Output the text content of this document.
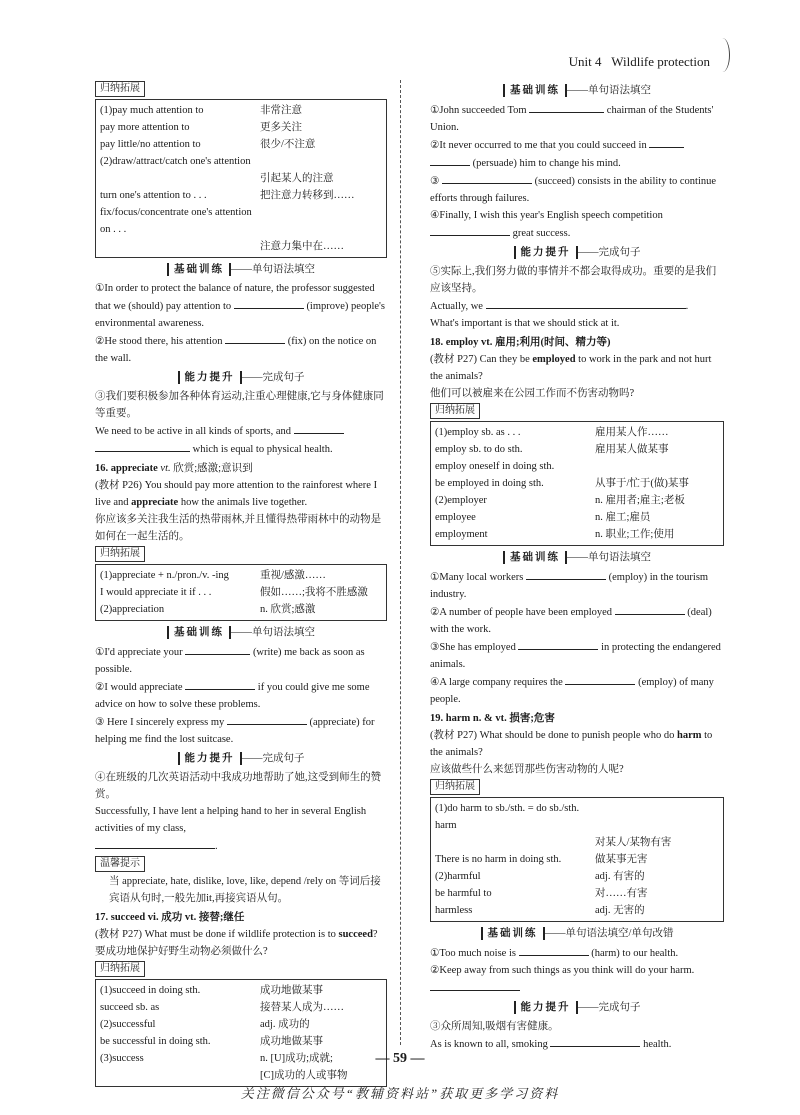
Unit 4 Wildlife protection
归纳拓展
(1)pay much attention to	非常注意
pay more attention to	更多关注
pay little/no attention to	很少/不注意
(2)draw/attract/catch one's attention
引起某人的注意
turn one's attention to . . .	把注意力转移到……
fix/focus/concentrate one's attention on . . .
注意力集中在……
基础训练 ——单句语法填空

①In order to protect the balance of nature, the professor suggested that we (should) pay attention to	(improve) people's environmental awareness.

②He stood there, his attention	(fix) on the notice on the wall.

能力提升 ——完成句子

③我们要积极参加各种体育运动,注重心理健康,它与身体健康同等重要。

We need to be active in all kinds of sports, and

which is equal to physical health.

16. appreciate vt. 欣赏;感激;意识到

(教材 P26) You should pay more attention to the rainforest where I live and appreciate how the animals live together.

你应该多关注我生活的热带雨林,并且懂得热带雨林中的动物是如何在一起生活的。

归纳拓展
(1)appreciate + n./pron./v. -ing	重视/感激……
I would appreciate it if . . .	假如……;我将不胜感激
(2)appreciation	n. 欣赏;感激
基础训练 ——单句语法填空

①I'd appreciate your	(write) me back as soon as possible.

②I would appreciate	if you could give me some advice on how to solve these problems.

③ Here I sincerely express my	(appreciate) for helping me find the lost suitcase.

能力提升 ——完成句子

④在班级的几次英语活动中我成功地帮助了她,这受到师生的赞赏。

Successfully, I have lent a helping hand to her in several English activities of my class,

.

温馨提示

当 appreciate, hate, dislike, love, like, depend /rely on 等词后接宾语从句时,一般先加it,再接宾语从句。

17. succeed vi. 成功 vt. 接替;继任

(教材 P27) What must be done if wildlife protection is to succeed?

要成功地保护好野生动物必须做什么?

归纳拓展
(1)succeed in doing sth.	成功地做某事
succeed sb. as	接替某人成为……
(2)successful	adj. 成功的
be successful in doing sth.	成功地做某事
(3)success	n. [U]成功;成就;
[C]成功的人或事物
基础训练 ——单句语法填空

①John succeeded Tom	chairman of the Students' Union.

②It never occurred to me that you could succeed in

(persuade) him to change his mind.

③	(succeed) consists in the ability to continue efforts through failures.

④Finally, I wish this year's English speech competition

great success.

能力提升 ——完成句子

⑤实际上,我们努力做的事情并不都会取得成功。重要的是我们应该坚持。

Actually, we	.

What's important is that we should stick at it.

18. employ vt. 雇用;利用(时间、精力等)

(教材 P27) Can they be employed to work in the park and not hurt the animals?

他们可以被雇来在公园工作而不伤害动物吗?

归纳拓展
(1)employ sb. as . . .	雇用某人作……
employ sb. to do sth.	雇用某人做某事
employ oneself in doing sth.
be employed in doing sth.	从事于/忙于(做)某事
(2)employer	n. 雇用者;雇主;老板
employee	n. 雇工;雇员
employment	n. 职业;工作;使用
基础训练 ——单句语法填空

①Many local workers	(employ) in the tourism industry.

②A number of people have been employed	(deal) with the work.

③She has employed	in protecting the endangered animals.

④A large company requires the	(employ) of many people.

19. harm n. & vt. 损害;危害

(教材 P27) What should be done to punish people who do harm to the animals?

应该做些什么来惩罚那些伤害动物的人呢?

归纳拓展
(1)do harm to sb./sth. = do sb./sth. harm
对某人/某物有害
There is no harm in doing sth.	做某事无害
(2)harmful	adj. 有害的
be harmful to	对……有害
harmless	adj. 无害的
基础训练 ——单句语法填空/单句改错

①Too much noise is	(harm) to our health.

②Keep away from such things as you think will do your harm.

能力提升 ——完成句子

③众所周知,吸烟有害健康。

As is known to all, smoking	health.

— 59 —
关注微信公众号“教辅资料站”获取更多学习资料
